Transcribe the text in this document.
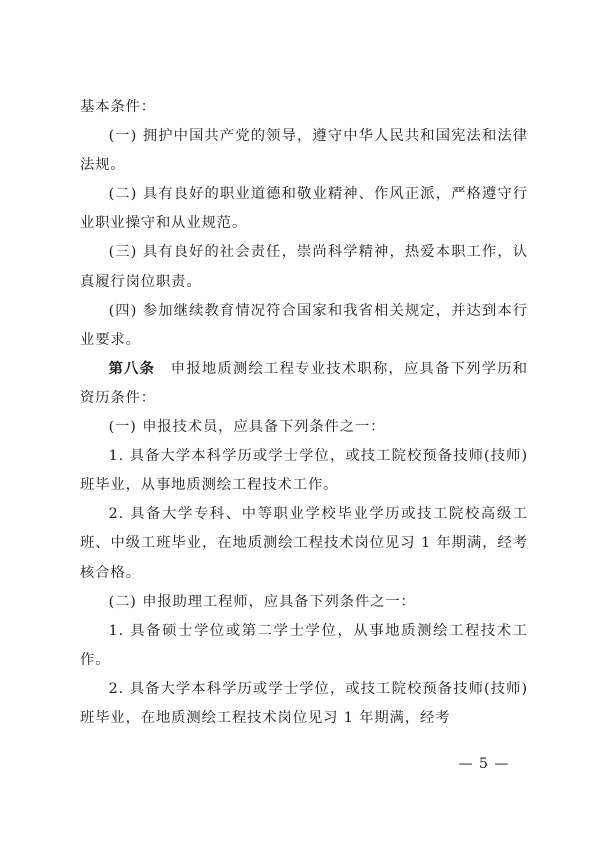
基本条件：

(一) 拥护中国共产党的领导，遵守中华人民共和国宪法和法律法规。

(二) 具有良好的职业道德和敬业精神、作风正派，严格遵守行业职业操守和从业规范。

(三) 具有良好的社会责任，崇尚科学精神，热爱本职工作，认真履行岗位职责。

(四) 参加继续教育情况符合国家和我省相关规定，并达到本行业要求。

第八条　申报地质测绘工程专业技术职称，应具备下列学历和资历条件：

(一) 申报技术员，应具备下列条件之一：

1. 具备大学本科学历或学士学位，或技工院校预备技师(技师) 班毕业，从事地质测绘工程技术工作。

2. 具备大学专科、中等职业学校毕业学历或技工院校高级工班、中级工班毕业，在地质测绘工程技术岗位见习 1 年期满，经考核合格。

(二) 申报助理工程师，应具备下列条件之一：

1. 具备硕士学位或第二学士学位，从事地质测绘工程技术工作。

2. 具备大学本科学历或学士学位，或技工院校预备技师(技师) 班毕业，在地质测绘工程技术岗位见习 1 年期满，经考

— 5 —
